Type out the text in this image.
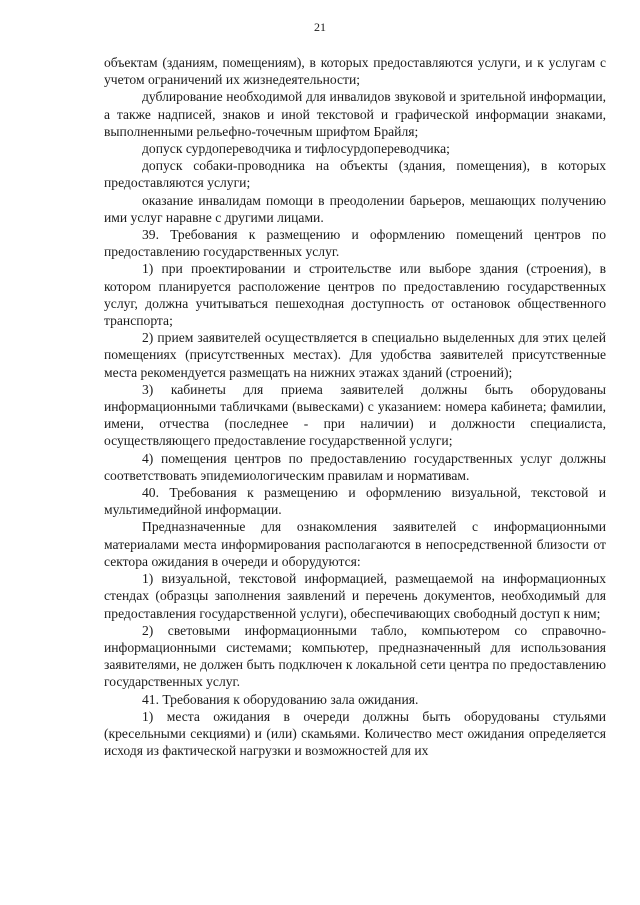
21

объектам (зданиям, помещениям), в которых предоставляются услуги, и к услугам с учетом ограничений их жизнедеятельности;

дублирование необходимой для инвалидов звуковой и зрительной информации, а также надписей, знаков и иной текстовой и графической информации знаками, выполненными рельефно-точечным шрифтом Брайля;

допуск сурдопереводчика и тифлосурдопереводчика;

допуск собаки-проводника на объекты (здания, помещения), в которых предоставляются услуги;

оказание инвалидам помощи в преодолении барьеров, мешающих получению ими услуг наравне с другими лицами.

39. Требования к размещению и оформлению помещений центров по предоставлению государственных услуг.

1) при проектировании и строительстве или выборе здания (строения), в котором планируется расположение центров по предоставлению государственных услуг, должна учитываться пешеходная доступность от остановок общественного транспорта;

2) прием заявителей осуществляется в специально выделенных для этих целей помещениях (присутственных местах). Для удобства заявителей присутственные места рекомендуется размещать на нижних этажах зданий (строений);

3) кабинеты для приема заявителей должны быть оборудованы информационными табличками (вывесками) с указанием: номера кабинета; фамилии, имени, отчества (последнее - при наличии) и должности специалиста, осуществляющего предоставление государственной услуги;

4) помещения центров по предоставлению государственных услуг должны соответствовать эпидемиологическим правилам и нормативам.

40. Требования к размещению и оформлению визуальной, текстовой и мультимедийной информации.

Предназначенные для ознакомления заявителей с информационными материалами места информирования располагаются в непосредственной близости от сектора ожидания в очереди и оборудуются:

1) визуальной, текстовой информацией, размещаемой на информационных стендах (образцы заполнения заявлений и перечень документов, необходимый для предоставления государственной услуги), обеспечивающих свободный доступ к ним;

2) световыми информационными табло, компьютером со справочно-информационными системами; компьютер, предназначенный для использования заявителями, не должен быть подключен к локальной сети центра по предоставлению государственных услуг.

41. Требования к оборудованию зала ожидания.

1) места ожидания в очереди должны быть оборудованы стульями (кресельными секциями) и (или) скамьями. Количество мест ожидания определяется исходя из фактической нагрузки и возможностей для их
